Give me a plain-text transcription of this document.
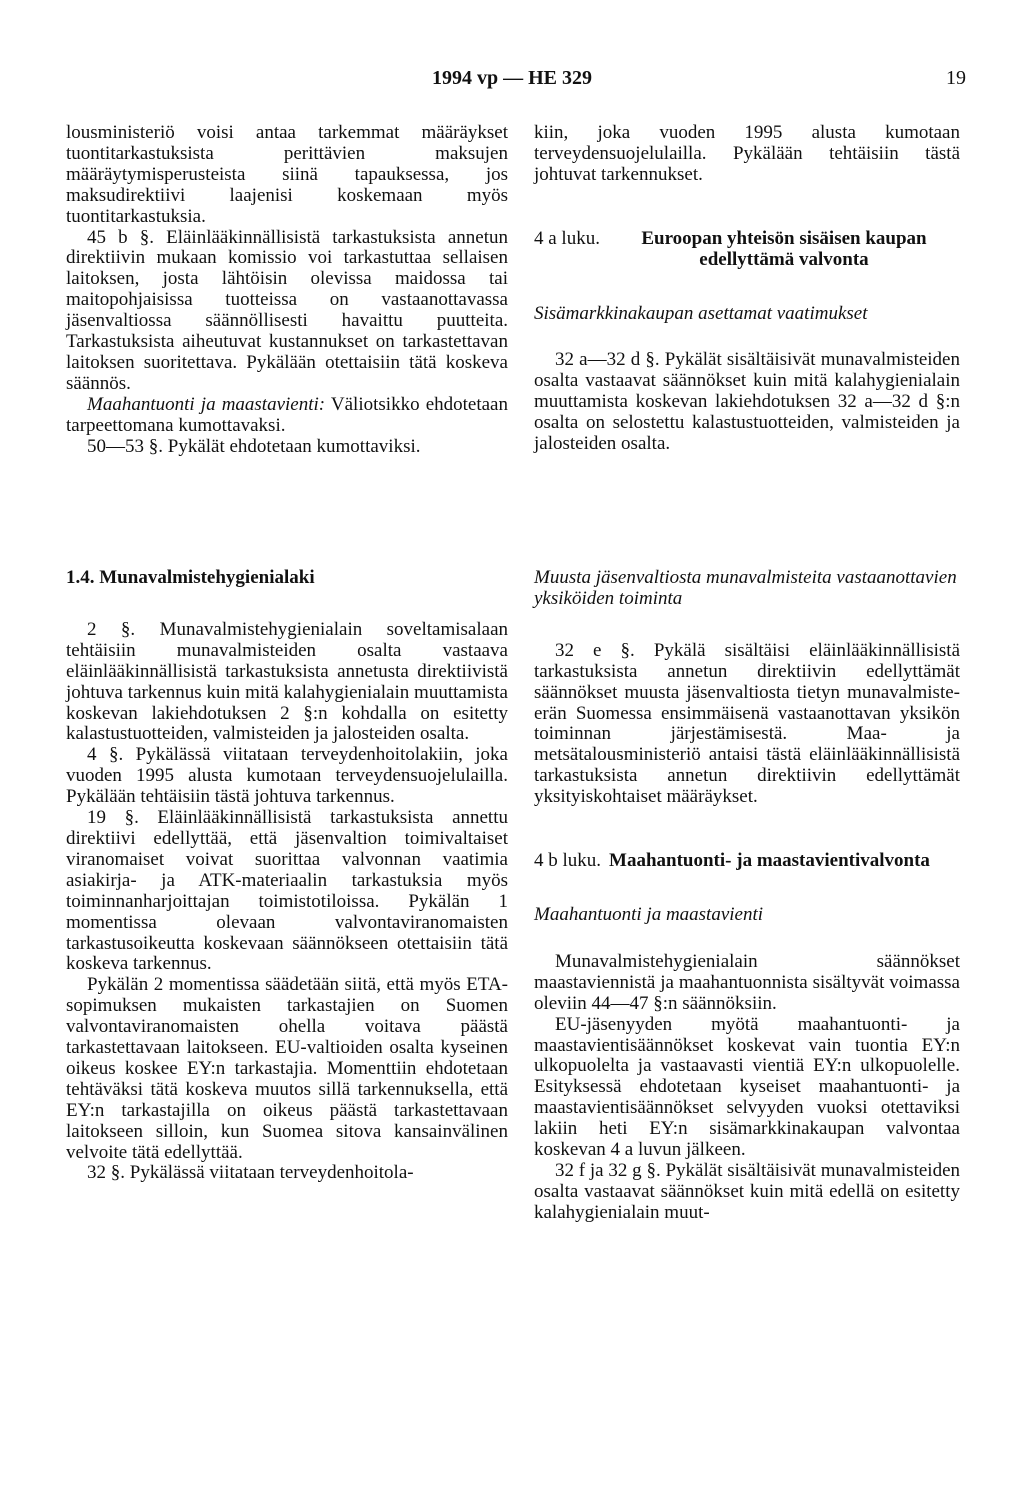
1994 vp — HE 329	19

lousministeriö voisi antaa tarkemmat määräykset tuontitarkastuksista perittävien maksujen määräytymisperusteista siinä tapauksessa, jos maksudirektiivi laajenisi koskemaan myös tuontitarkastuksia.

45 b §. Eläinlääkinnällisistä tarkastuksista annetun direktiivin mukaan komissio voi tarkastuttaa sellaisen laitoksen, josta lähtöisin olevissa maidossa tai maitopohjaisissa tuotteissa on vastaanottavassa jäsenvaltiossa säännöllisesti havaittu puutteita. Tarkastuksista aiheutuvat kustannukset on tarkastettavan laitoksen suoritettava. Pykälään otettaisiin tätä koskeva säännös.

Maahantuonti ja maastavienti: Väliotsikko ehdotetaan tarpeettomana kumottavaksi.

50—53 §. Pykälät ehdotetaan kumottaviksi.

kiin, joka vuoden 1995 alusta kumotaan terveydensuojelulailla. Pykälään tehtäisiin tästä johtuvat tarkennukset.

4 a luku.	Euroopan yhteisön sisäisen kaupan edellyttämä valvonta

Sisämarkkinakaupan asettamat vaatimukset

32 a—32 d §. Pykälät sisältäisivät munavalmisteiden osalta vastaavat säännökset kuin mitä kalahygienialain muuttamista koskevan lakiehdotuksen 32 a—32 d §:n osalta on selostettu kalastustuotteiden, valmisteiden ja jalosteiden osalta.

1.4. Munavalmistehygienialaki

2 §. Munavalmistehygienialain soveltamisalaan tehtäisiin munavalmisteiden osalta vastaava eläinlääkinnällisistä tarkastuksista annetusta direktiivistä johtuva tarkennus kuin mitä kalahygienialain muuttamista koskevan lakiehdotuksen 2 §:n kohdalla on esitetty kalastustuotteiden, valmisteiden ja jalosteiden osalta.

4 §. Pykälässä viitataan terveydenhoitolakiin, joka vuoden 1995 alusta kumotaan terveydensuojelulailla. Pykälään tehtäisiin tästä johtuva tarkennus.

19 §. Eläinlääkinnällisistä tarkastuksista annettu direktiivi edellyttää, että jäsenvaltion toimivaltaiset viranomaiset voivat suorittaa valvonnan vaatimia asiakirja- ja ATK-materiaalin tarkastuksia myös toiminnanharjoittajan toimistotiloissa. Pykälän 1 momentissa olevaan valvontaviranomaisten tarkastusoikeutta koskevaan säännökseen otettaisiin tätä koskeva tarkennus.

Pykälän 2 momentissa säädetään siitä, että myös ETA-sopimuksen mukaisten tarkastajien on Suomen valvontaviranomaisten ohella voitava päästä tarkastettavaan laitokseen. EU-valtioiden osalta kyseinen oikeus koskee EY:n tarkastajia. Momenttiin ehdotetaan tehtäväksi tätä koskeva muutos sillä tarkennuksella, että EY:n tarkastajilla on oikeus päästä tarkastettavaan laitokseen silloin, kun Suomea sitova kansainvälinen velvoite tätä edellyttää.

32 §. Pykälässä viitataan terveydenhoitola-

Muusta jäsenvaltiosta munavalmisteita vastaanottavien yksiköiden toiminta

32 e §. Pykälä sisältäisi eläinlääkinnällisistä tarkastuksista annetun direktiivin edellyttämät säännökset muusta jäsenvaltiosta tietyn munavalmiste-erän Suomessa ensimmäisenä vastaanottavan yksikön toiminnan järjestämisestä. Maa- ja metsätalousministeriö antaisi tästä eläinlääkinnällisistä tarkastuksista annetun direktiivin edellyttämät yksityiskohtaiset määräykset.

4 b luku. Maahantuonti- ja maastavientivalvonta

Maahantuonti ja maastavienti

Munavalmistehygienialain säännökset maastaviennistä ja maahantuonnista sisältyvät voimassa oleviin 44—47 §:n säännöksiin.

EU-jäsenyyden myötä maahantuonti- ja maastavientisäännökset koskevat vain tuontia EY:n ulkopuolelta ja vastaavasti vientiä EY:n ulkopuolelle. Esityksessä ehdotetaan kyseiset maahantuonti- ja maastavientisäännökset selvyyden vuoksi otettaviksi lakiin heti EY:n sisämarkkinakaupan valvontaa koskevan 4 a luvun jälkeen.

32 f ja 32 g §. Pykälät sisältäisivät munavalmisteiden osalta vastaavat säännökset kuin mitä edellä on esitetty kalahygienialain muut-
